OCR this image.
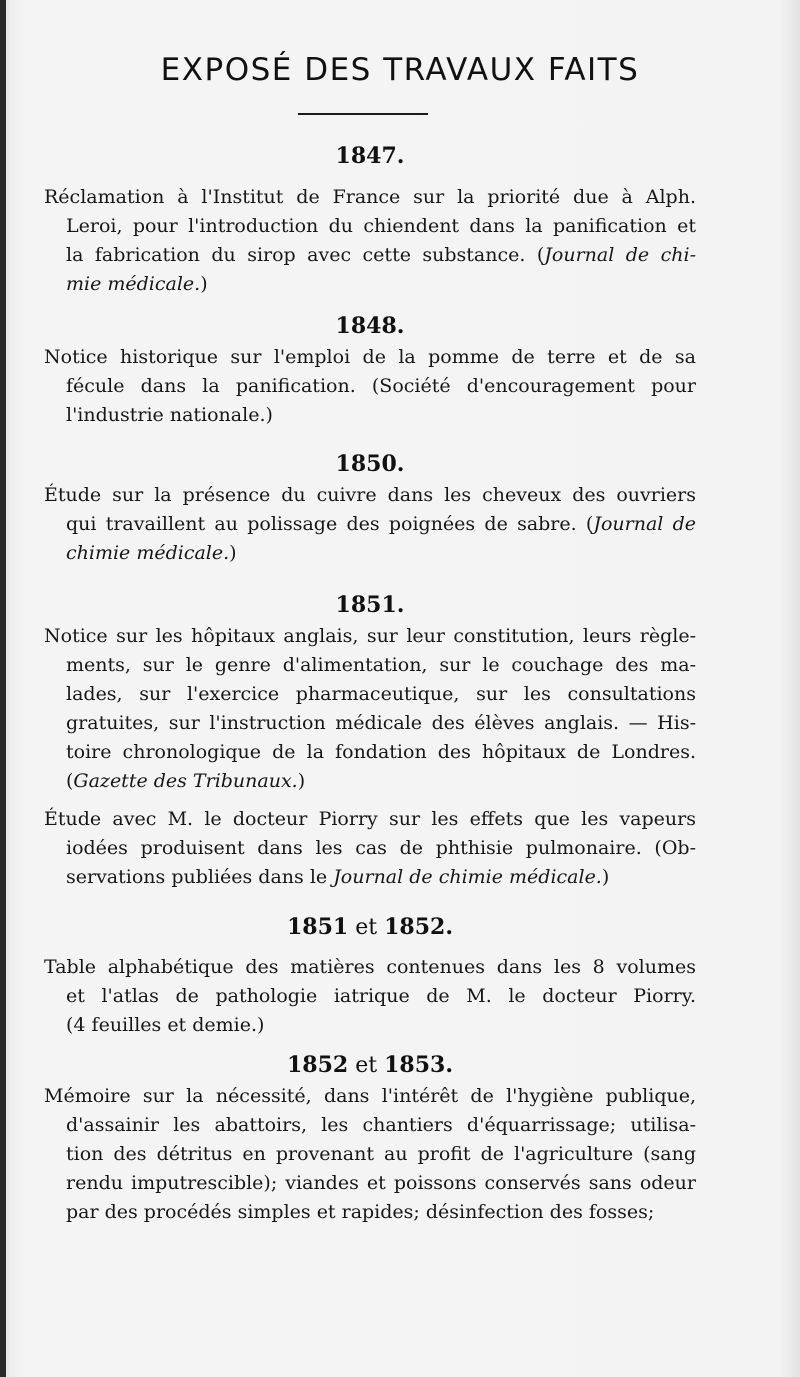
EXPOSÉ DES TRAVAUX FAITS
1847.
Réclamation à l'Institut de France sur la priorité due à Alph.
Leroi, pour l'introduction du chiendent dans la panification et
la fabrication du sirop avec cette substance. (Journal de chi-
mie médicale.)
1848.
Notice historique sur l'emploi de la pomme de terre et de sa
fécule dans la panification. (Société d'encouragement pour
l'industrie nationale.)
1850.
Étude sur la présence du cuivre dans les cheveux des ouvriers
qui travaillent au polissage des poignées de sabre. (Journal de
chimie médicale.)
1851.
Notice sur les hôpitaux anglais, sur leur constitution, leurs règle-
ments, sur le genre d'alimentation, sur le couchage des ma-
lades, sur l'exercice pharmaceutique, sur les consultations
gratuites, sur l'instruction médicale des élèves anglais. — His-
toire chronologique de la fondation des hôpitaux de Londres.
(Gazette des Tribunaux.)
Étude avec M. le docteur Piorry sur les effets que les vapeurs
iodées produisent dans les cas de phthisie pulmonaire. (Ob-
servations publiées dans le Journal de chimie médicale.)
1851 et 1852.
Table alphabétique des matières contenues dans les 8 volumes
et l'atlas de pathologie iatrique de M. le docteur Piorry.
(4 feuilles et demie.)
1852 et 1853.
Mémoire sur la nécessité, dans l'intérêt de l'hygiène publique,
d'assainir les abattoirs, les chantiers d'équarrissage; utilisa-
tion des détritus en provenant au profit de l'agriculture (sang
rendu imputrescible); viandes et poissons conservés sans odeur
par des procédés simples et rapides; désinfection des fosses;
